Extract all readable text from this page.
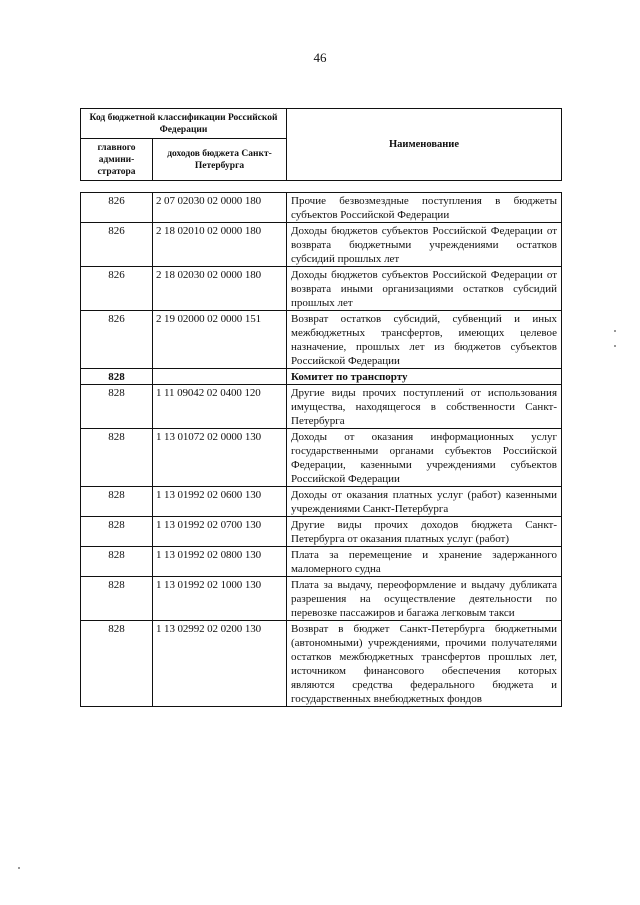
46
Код бюджетной классификации Российской Федерации		Наименование
главного админи-стратора	доходов бюджета Санкт-Петербурга	
826	2 07 02030 02 0000 180	Прочие безвозмездные поступления в бюджеты субъектов Российской Федерации
826	2 18 02010 02 0000 180	Доходы бюджетов субъектов Российской Федерации от возврата бюджетными учреждениями остатков субсидий прошлых лет
826	2 18 02030 02 0000 180	Доходы бюджетов субъектов Российской Федерации от возврата иными организациями остатков субсидий прошлых лет
826	2 19 02000 02 0000 151	Возврат остатков субсидий, субвенций и иных межбюджетных трансфертов, имеющих целевое назначение, прошлых лет из бюджетов субъектов Российской Федерации
828		Комитет по транспорту
828	1 11 09042 02 0400 120	Другие виды прочих поступлений от использования имущества, находящегося в собственности Санкт-Петербурга
828	1 13 01072 02 0000 130	Доходы от оказания информационных услуг государственными органами субъектов Российской Федерации, казенными учреждениями субъектов Российской Федерации
828	1 13 01992 02 0600 130	Доходы от оказания платных услуг (работ) казенными учреждениями Санкт-Петербурга
828	1 13 01992 02 0700 130	Другие виды прочих доходов бюджета Санкт-Петербурга от оказания платных услуг (работ)
828	1 13 01992 02 0800 130	Плата за перемещение и хранение задержанного маломерного судна
828	1 13 01992 02 1000 130	Плата за выдачу, переоформление и выдачу дубликата разрешения на осуществление деятельности по перевозке пассажиров и багажа легковым такси
828	1 13 02992 02 0200 130	Возврат в бюджет Санкт-Петербурга бюджетными (автономными) учреждениями, прочими получателями остатков межбюджетных трансфертов прошлых лет, источником финансового обеспечения которых являются средства федерального бюджета и государственных внебюджетных фондов
